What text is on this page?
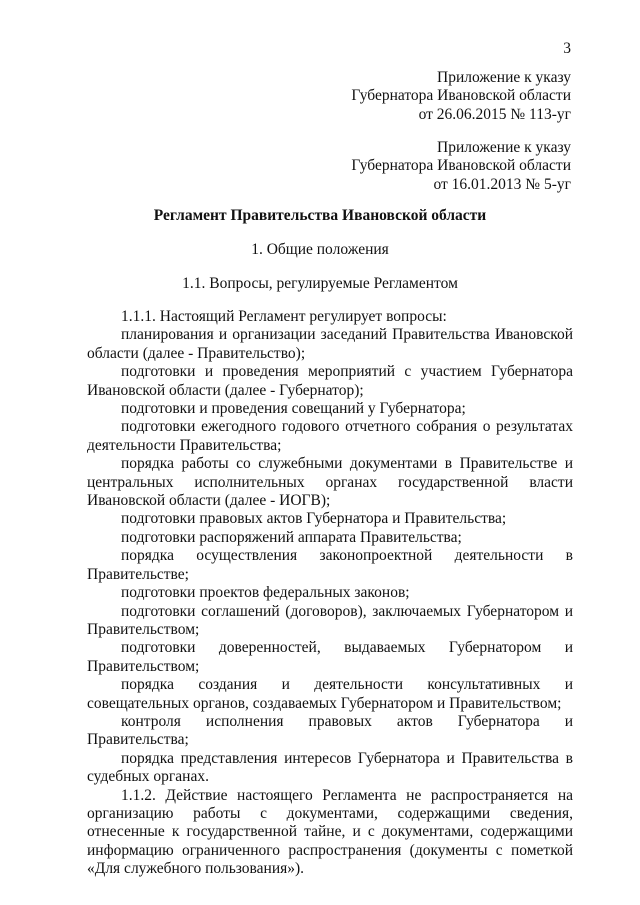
3
Приложение к указу
Губернатора Ивановской области
от 26.06.2015 № 113-уг
Приложение к указу
Губернатора Ивановской области
от 16.01.2013 № 5-уг
Регламент Правительства Ивановской области
1. Общие положения
1.1. Вопросы, регулируемые Регламентом

1.1.1. Настоящий Регламент регулирует вопросы:

планирования и организации заседаний Правительства Ивановской области (далее - Правительство);

подготовки и проведения мероприятий с участием Губернатора Ивановской области (далее - Губернатор);

подготовки и проведения совещаний у Губернатора;

подготовки ежегодного годового отчетного собрания о результатах деятельности Правительства;

порядка работы со служебными документами в Правительстве и центральных исполнительных органах государственной власти Ивановской области (далее - ИОГВ);

подготовки правовых актов Губернатора и Правительства;

подготовки распоряжений аппарата Правительства;

порядка осуществления законопроектной деятельности в Правительстве;

подготовки проектов федеральных законов;

подготовки соглашений (договоров), заключаемых Губернатором и Правительством;

подготовки доверенностей, выдаваемых Губернатором и Правительством;

порядка создания и деятельности консультативных и совещательных органов, создаваемых Губернатором и Правительством;

контроля исполнения правовых актов Губернатора и Правительства;

порядка представления интересов Губернатора и Правительства в судебных органах.

1.1.2. Действие настоящего Регламента не распространяется на организацию работы с документами, содержащими сведения, отнесенные к государственной тайне, и с документами, содержащими информацию ограниченного распространения (документы с пометкой «Для служебного пользования»).
